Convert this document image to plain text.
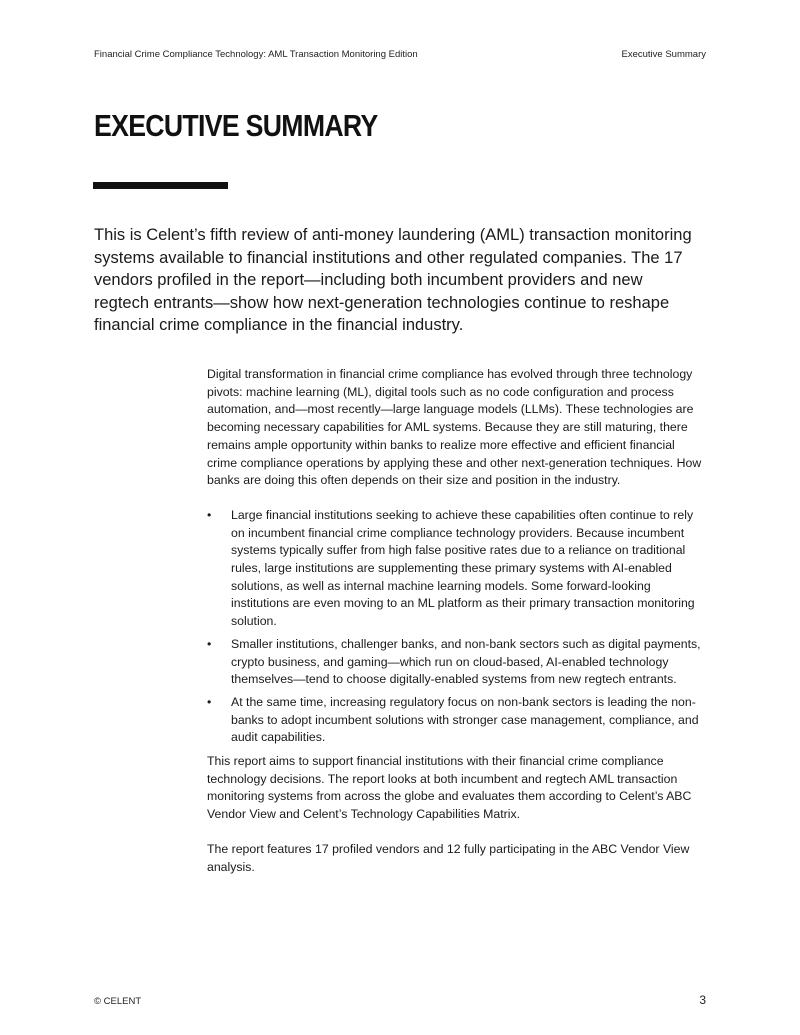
Financial Crime Compliance Technology: AML Transaction Monitoring Edition	Executive Summary
EXECUTIVE SUMMARY

This is Celent’s fifth review of anti-money laundering (AML) transaction monitoring systems available to financial institutions and other regulated companies. The 17 vendors profiled in the report—including both incumbent providers and new regtech entrants—show how next-generation technologies continue to reshape financial crime compliance in the financial industry.

Digital transformation in financial crime compliance has evolved through three technology pivots: machine learning (ML), digital tools such as no code configuration and process automation, and—most recently—large language models (LLMs). These technologies are becoming necessary capabilities for AML systems. Because they are still maturing, there remains ample opportunity within banks to realize more effective and efficient financial crime compliance operations by applying these and other next-generation techniques. How banks are doing this often depends on their size and position in the industry.

•	Large financial institutions seeking to achieve these capabilities often continue to rely on incumbent financial crime compliance technology providers. Because incumbent systems typically suffer from high false positive rates due to a reliance on traditional rules, large institutions are supplementing these primary systems with AI-enabled solutions, as well as internal machine learning models. Some forward-looking institutions are even moving to an ML platform as their primary transaction monitoring solution.
•	Smaller institutions, challenger banks, and non-bank sectors such as digital payments, crypto business, and gaming—which run on cloud-based, AI-enabled technology themselves—tend to choose digitally-enabled systems from new regtech entrants.
•	At the same time, increasing regulatory focus on non-bank sectors is leading the non-banks to adopt incumbent solutions with stronger case management, compliance, and audit capabilities.

This report aims to support financial institutions with their financial crime compliance technology decisions. The report looks at both incumbent and regtech AML transaction monitoring systems from across the globe and evaluates them according to Celent’s ABC Vendor View and Celent’s Technology Capabilities Matrix.

The report features 17 profiled vendors and 12 fully participating in the ABC Vendor View analysis.

© CELENT	3
